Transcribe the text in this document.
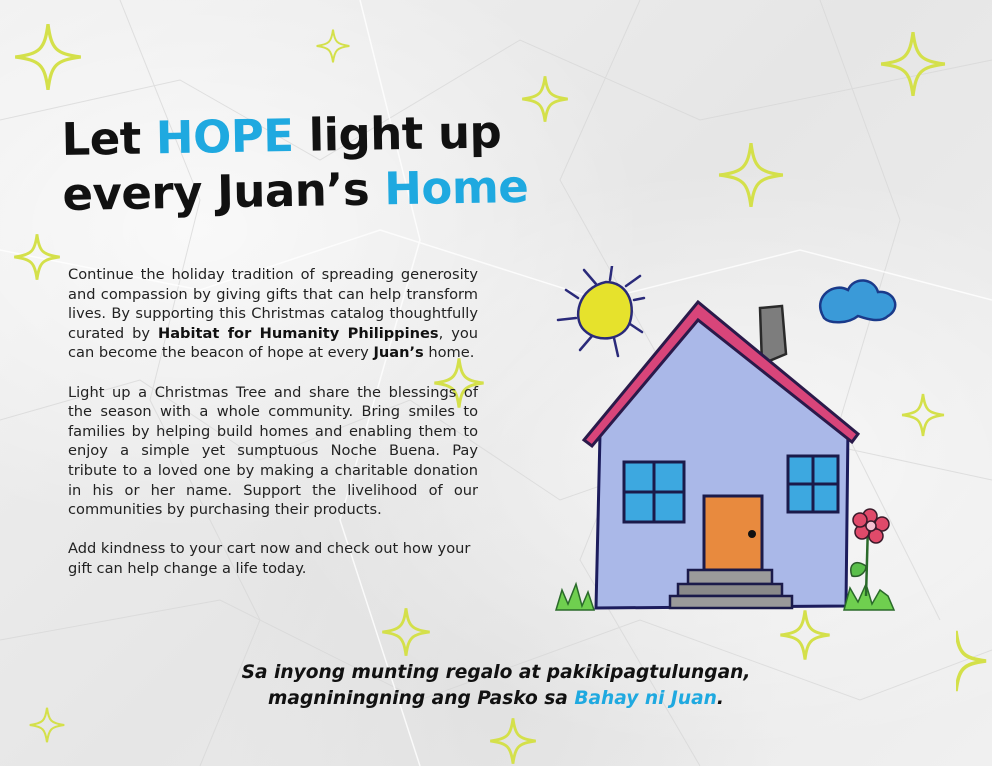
Let HOPE light up
every Juan’s Home

Continue the holiday tradition of spreading generosity and compassion by giving gifts that can help transform lives. By supporting this Christmas catalog thoughtfully curated by Habitat for Humanity Philippines, you can become the beacon of hope at every Juan’s home.

Light up a Christmas Tree and share the blessings of the season with a whole community. Bring smiles to families by helping build homes and enabling them to enjoy a simple yet sumptuous Noche Buena. Pay tribute to a loved one by making a charitable donation in his or her name. Support the livelihood of our communities by purchasing their products.

Add kindness to your cart now and check out how your gift can help change a life today.

Sa inyong munting regalo at pakikipagtulungan,
magniningning ang Pasko sa Bahay ni Juan.
